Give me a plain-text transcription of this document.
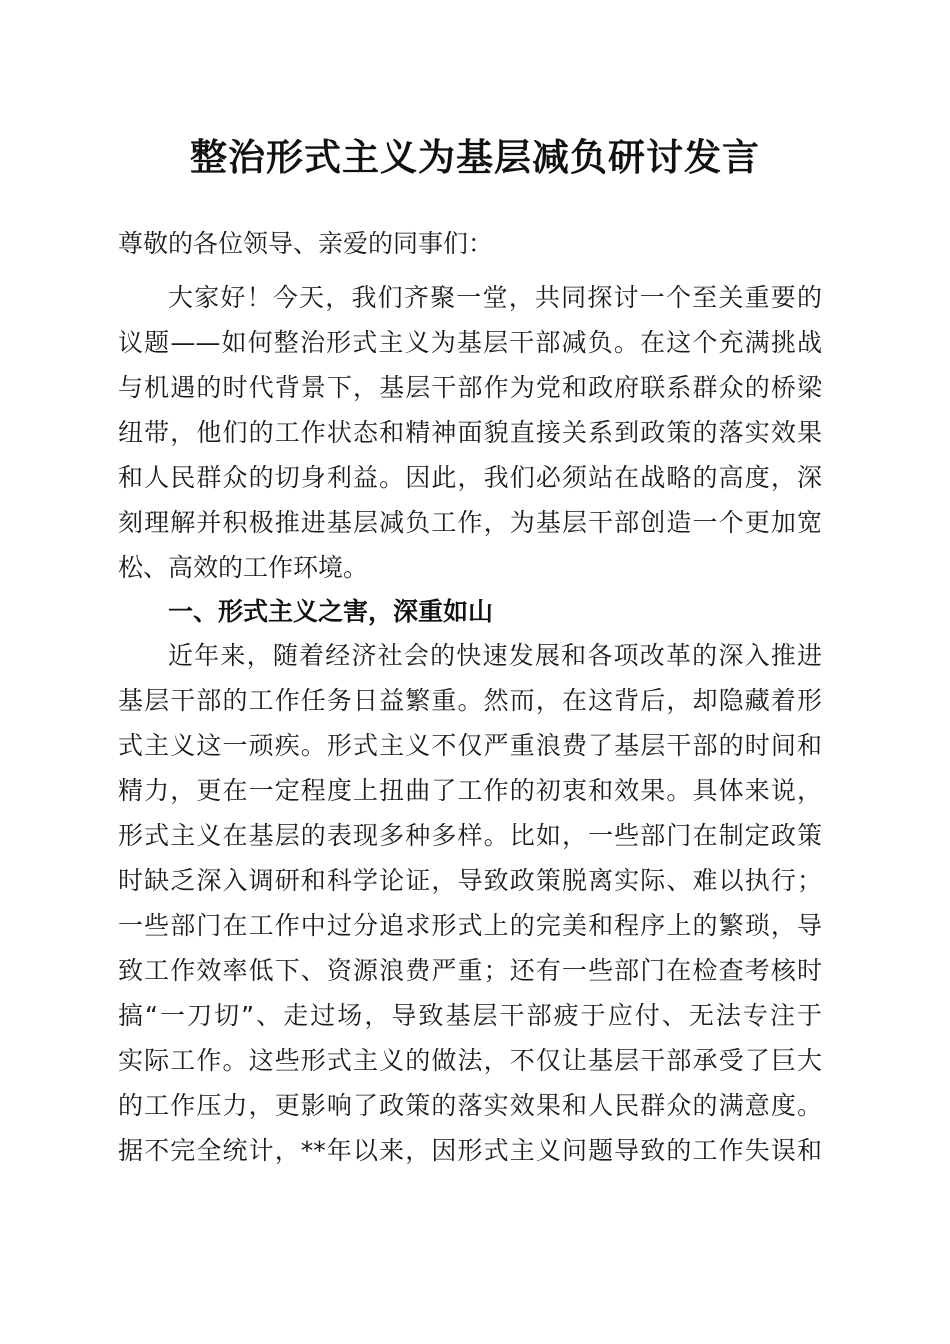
整治形式主义为基层减负研讨发言
尊敬的各位领导、亲爱的同事们：
大家好！今天，我们齐聚一堂，共同探讨一个至关重要的
议题——如何整治形式主义为基层干部减负。在这个充满挑战
与机遇的时代背景下，基层干部作为党和政府联系群众的桥梁
纽带，他们的工作状态和精神面貌直接关系到政策的落实效果
和人民群众的切身利益。因此，我们必须站在战略的高度，深
刻理解并积极推进基层减负工作，为基层干部创造一个更加宽
松、高效的工作环境。
一、形式主义之害，深重如山
近年来，随着经济社会的快速发展和各项改革的深入推进
基层干部的工作任务日益繁重。然而，在这背后，却隐藏着形
式主义这一顽疾。形式主义不仅严重浪费了基层干部的时间和
精力，更在一定程度上扭曲了工作的初衷和效果。具体来说，
形式主义在基层的表现多种多样。比如，一些部门在制定政策
时缺乏深入调研和科学论证，导致政策脱离实际、难以执行；
一些部门在工作中过分追求形式上的完美和程序上的繁琐，导
致工作效率低下、资源浪费严重；还有一些部门在检查考核时
搞“一刀切”、走过场，导致基层干部疲于应付、无法专注于
实际工作。这些形式主义的做法，不仅让基层干部承受了巨大
的工作压力，更影响了政策的落实效果和人民群众的满意度。
据不完全统计，**年以来，因形式主义问题导致的工作失误和
